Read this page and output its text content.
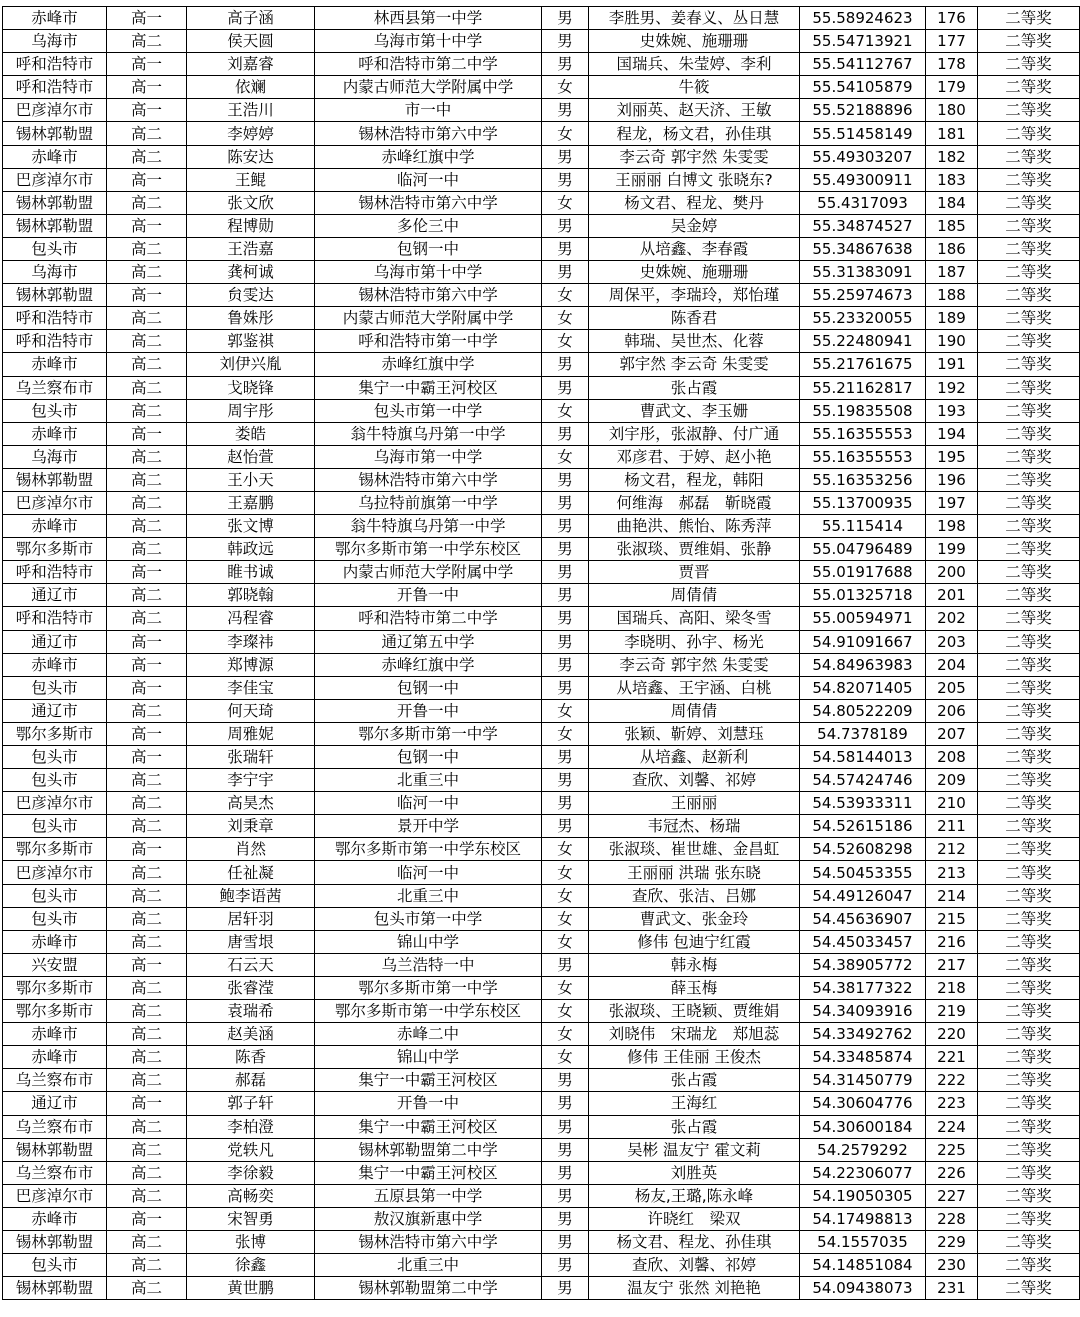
赤峰市	高一	高子涵	林西县第一中学	男	李胜男、姜春义、丛日慧	55.58924623	176	二等奖
乌海市	高二	侯天圆	乌海市第十中学	男	史姝婉、施珊珊	55.54713921	177	二等奖
呼和浩特市	高一	刘嘉睿	呼和浩特市第二中学	男	国瑞兵、朱莹婷、李利	55.54112767	178	二等奖
呼和浩特市	高一	依斓	内蒙古师范大学附属中学	女	牛筱	55.54105879	179	二等奖
巴彦淖尔市	高一	王浩川	市一中	男	刘丽英、赵天济、王敏	55.52188896	180	二等奖
锡林郭勒盟	高二	李婷婷	锡林浩特市第六中学	女	程龙，杨文君，孙佳琪	55.51458149	181	二等奖
赤峰市	高二	陈安达	赤峰红旗中学	男	李云奇 郭宇然 朱雯雯	55.49303207	182	二等奖
巴彦淖尔市	高一	王鲲	临河一中	男	王丽丽 白博文 张晓东?	55.49300911	183	二等奖
锡林郭勒盟	高二	张文欣	锡林浩特市第六中学	女	杨文君、程龙、樊丹	55.4317093	184	二等奖
锡林郭勒盟	高一	程博勋	多伦三中	男	吴金婷	55.34874527	185	二等奖
包头市	高二	王浩嘉	包钢一中	男	从培鑫、李春霞	55.34867638	186	二等奖
乌海市	高二	龚柯诚	乌海市第十中学	男	史姝婉、施珊珊	55.31383091	187	二等奖
锡林郭勒盟	高一	贠雯达	锡林浩特市第六中学	女	周保平，李瑞玲，郑怡瑾	55.25974673	188	二等奖
呼和浩特市	高二	鲁姝彤	内蒙古师范大学附属中学	女	陈香君	55.23320055	189	二等奖
呼和浩特市	高二	郭鉴祺	呼和浩特市第一中学	女	韩瑞、吴世杰、化蓉	55.22480941	190	二等奖
赤峰市	高二	刘伊兴胤	赤峰红旗中学	男	郭宇然 李云奇 朱雯雯	55.21761675	191	二等奖
乌兰察布市	高二	戈晓锋	集宁一中霸王河校区	男	张占霞	55.21162817	192	二等奖
包头市	高二	周宇彤	包头市第一中学	女	曹武文、李玉姗	55.19835508	193	二等奖
赤峰市	高一	娄皓	翁牛特旗乌丹第一中学	男	刘宇彤，张淑静、付广通	55.16355553	194	二等奖
乌海市	高二	赵怡萱	乌海市第一中学	女	邓彦君、于婷、赵小艳	55.16355553	195	二等奖
锡林郭勒盟	高二	王小天	锡林浩特市第六中学	男	杨文君，程龙，韩阳	55.16353256	196	二等奖
巴彦淖尔市	高二	王嘉鹏	乌拉特前旗第一中学	男	何维海　郝磊　靳晓霞	55.13700935	197	二等奖
赤峰市	高二	张文博	翁牛特旗乌丹第一中学	男	曲艳洪、熊怡、陈秀萍	55.115414	198	二等奖
鄂尔多斯市	高二	韩政远	鄂尔多斯市第一中学东校区	男	张淑琰、贾维娟、张静	55.04796489	199	二等奖
呼和浩特市	高一	睢书诚	内蒙古师范大学附属中学	男	贾晋	55.01917688	200	二等奖
通辽市	高二	郭晓翰	开鲁一中	男	周倩倩	55.01325718	201	二等奖
呼和浩特市	高二	冯程睿	呼和浩特市第二中学	男	国瑞兵、高阳、梁冬雪	55.00594971	202	二等奖
通辽市	高一	李璨祎	通辽第五中学	男	李晓明、孙宇、杨光	54.91091667	203	二等奖
赤峰市	高一	郑博源	赤峰红旗中学	男	李云奇 郭宇然 朱雯雯	54.84963983	204	二等奖
包头市	高一	李佳宝	包钢一中	男	从培鑫、王宇涵、白桃	54.82071405	205	二等奖
通辽市	高二	何天琦	开鲁一中	女	周倩倩	54.80522209	206	二等奖
鄂尔多斯市	高一	周雅妮	鄂尔多斯市第一中学	女	张颖、靳婷、刘慧珏	54.7378189	207	二等奖
包头市	高一	张瑞轩	包钢一中	男	从培鑫、赵新利	54.58144013	208	二等奖
包头市	高二	李宁宇	北重三中	男	查欣、刘馨、祁婷	54.57424746	209	二等奖
巴彦淖尔市	高二	高昊杰	临河一中	男	王丽丽	54.53933311	210	二等奖
包头市	高二	刘秉章	景开中学	男	韦冠杰、杨瑞	54.52615186	211	二等奖
鄂尔多斯市	高一	肖然	鄂尔多斯市第一中学东校区	女	张淑琰、崔世雄、金昌虹	54.52608298	212	二等奖
巴彦淖尔市	高二	任祉凝	临河一中	女	王丽丽 洪瑞 张东晓	54.50453355	213	二等奖
包头市	高二	鲍李语茜	北重三中	女	查欣、张洁、吕娜	54.49126047	214	二等奖
包头市	高二	居轩羽	包头市第一中学	女	曹武文、张金玲	54.45636907	215	二等奖
赤峰市	高二	唐雪垠	锦山中学	女	修伟 包迪宁红霞	54.45033457	216	二等奖
兴安盟	高一	石云天	乌兰浩特一中	男	韩永梅	54.38905772	217	二等奖
鄂尔多斯市	高二	张睿滢	鄂尔多斯市第一中学	女	薛玉梅	54.38177322	218	二等奖
鄂尔多斯市	高二	袁瑞希	鄂尔多斯市第一中学东校区	女	张淑琰、王晓颖、贾维娟	54.34093916	219	二等奖
赤峰市	高二	赵美涵	赤峰二中	女	刘晓伟　宋瑞龙　郑旭蕊	54.33492762	220	二等奖
赤峰市	高二	陈香	锦山中学	女	修伟 王佳丽 王俊杰	54.33485874	221	二等奖
乌兰察布市	高二	郝磊	集宁一中霸王河校区	男	张占霞	54.31450779	222	二等奖
通辽市	高一	郭子轩	开鲁一中	男	王海红	54.30604776	223	二等奖
乌兰察布市	高二	李柏澄	集宁一中霸王河校区	男	张占霞	54.30600184	224	二等奖
锡林郭勒盟	高二	党轶凡	锡林郭勒盟第二中学	男	吴彬 温友宁 霍文莉	54.2579292	225	二等奖
乌兰察布市	高二	李徐毅	集宁一中霸王河校区	男	刘胜英	54.22306077	226	二等奖
巴彦淖尔市	高二	高畅奕	五原县第一中学	男	杨友,王璐,陈永峰	54.19050305	227	二等奖
赤峰市	高一	宋智勇	敖汉旗新惠中学	男	许晓红　梁双	54.17498813	228	二等奖
锡林郭勒盟	高二	张博	锡林浩特市第六中学	男	杨文君、程龙、孙佳琪	54.1557035	229	二等奖
包头市	高二	徐鑫	北重三中	男	查欣、刘馨、祁婷	54.14851084	230	二等奖
锡林郭勒盟	高二	黄世鹏	锡林郭勒盟第二中学	男	温友宁 张然 刘艳艳	54.09438073	231	二等奖
